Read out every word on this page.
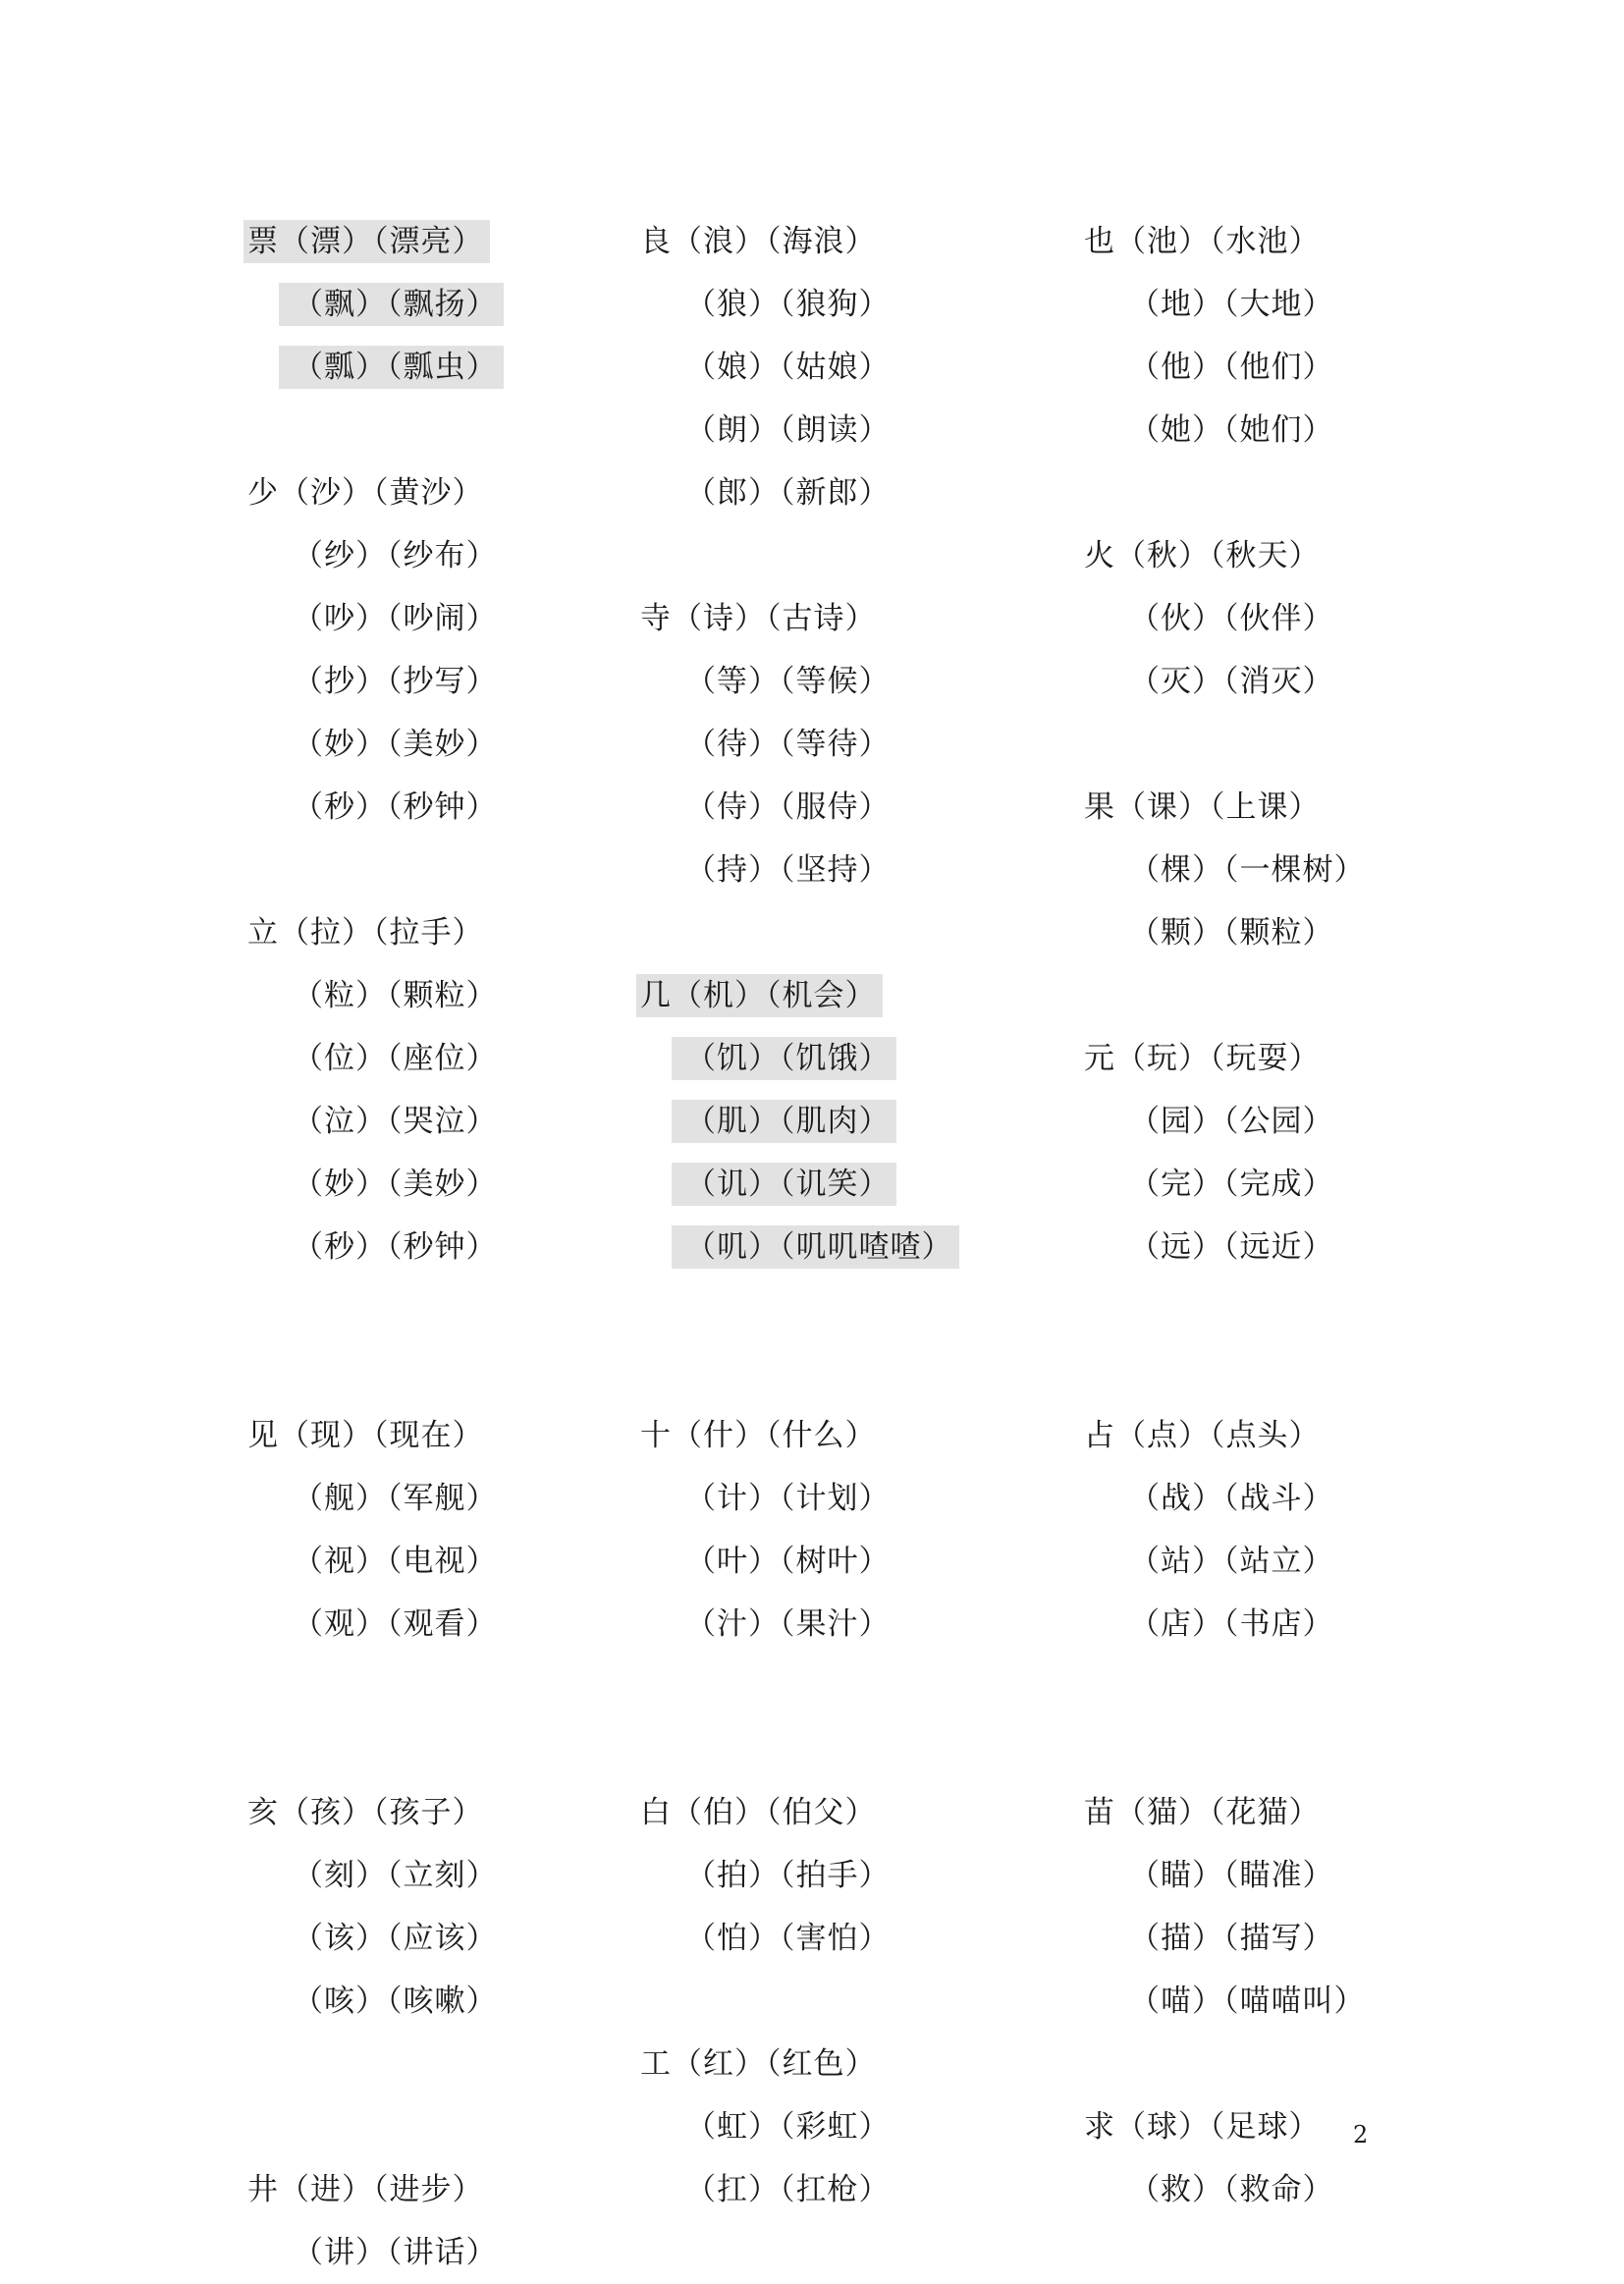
票（漂）（漂亮）
（飘）（飘扬）
（瓢）（瓢虫）
少（沙）（黄沙）
（纱）（纱布）
（吵）（吵闹）
（抄）（抄写）
（妙）（美妙）
（秒）（秒钟）
立（拉）（拉手）
（粒）（颗粒）
（位）（座位）
（泣）（哭泣）
（妙）（美妙）
（秒）（秒钟）
见（现）（现在）
（舰）（军舰）
（视）（电视）
（观）（观看）
亥（孩）（孩子）
（刻）（立刻）
（该）（应该）
（咳）（咳嗽）
井（进）（进步）
（讲）（讲话）
良（浪）（海浪）
（狼）（狼狗）
（娘）（姑娘）
（朗）（朗读）
（郎）（新郎）
寺（诗）（古诗）
（等）（等候）
（待）（等待）
（侍）（服侍）
（持）（坚持）
几（机）（机会）
（饥）（饥饿）
（肌）（肌肉）
（讥）（讥笑）
（叽）（叽叽喳喳）
十（什）（什么）
（计）（计划）
（叶）（树叶）
（汁）（果汁）
白（伯）（伯父）
（拍）（拍手）
（怕）（害怕）
工（红）（红色）
（虹）（彩虹）
（扛）（扛枪）
也（池）（水池）
（地）（大地）
（他）（他们）
（她）（她们）
火（秋）（秋天）
（伙）（伙伴）
（灭）（消灭）
果（课）（上课）
（棵）（一棵树）
（颗）（颗粒）
元（玩）（玩耍）
（园）（公园）
（完）（完成）
（远）（远近）
占（点）（点头）
（战）（战斗）
（站）（站立）
（店）（书店）
苗（猫）（花猫）
（瞄）（瞄准）
（描）（描写）
（喵）（喵喵叫）
求（球）（足球）
（救）（救命）
2
